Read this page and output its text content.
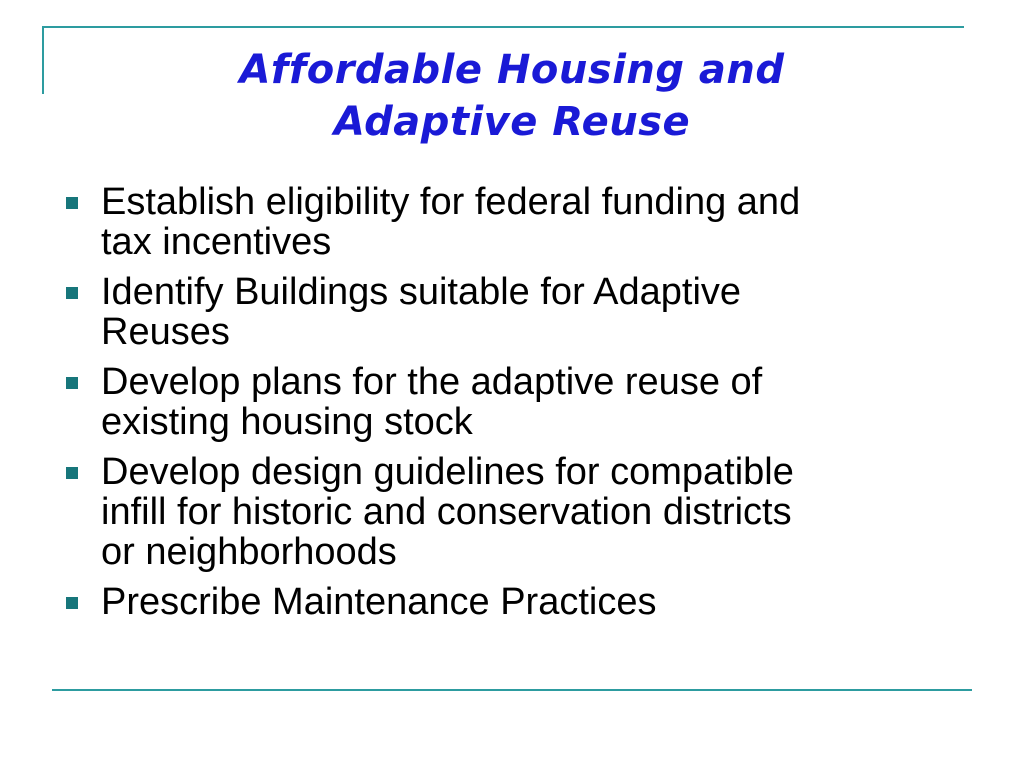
Affordable Housing and
Adaptive Reuse
Establish eligibility for federal funding and
tax incentives
Identify Buildings suitable for Adaptive
Reuses
Develop plans for the adaptive reuse of
existing housing stock
Develop design guidelines for compatible
infill for historic and conservation districts
or neighborhoods
Prescribe Maintenance Practices
